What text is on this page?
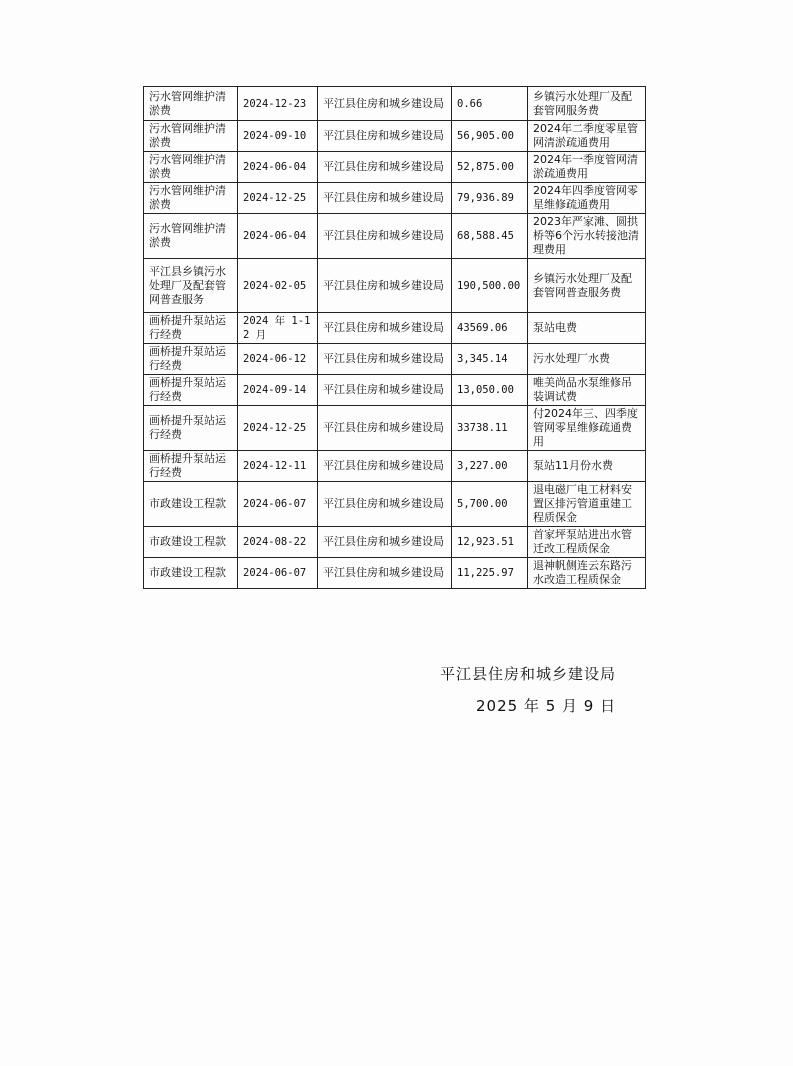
污水管网维护清淤费	2024-12-23	平江县住房和城乡建设局	0.66	乡镇污水处理厂及配套管网服务费
污水管网维护清淤费	2024-09-10	平江县住房和城乡建设局	56,905.00	2024年二季度零星管网清淤疏通费用
污水管网维护清淤费	2024-06-04	平江县住房和城乡建设局	52,875.00	2024年一季度管网清淤疏通费用
污水管网维护清淤费	2024-12-25	平江县住房和城乡建设局	79,936.89	2024年四季度管网零星维修疏通费用
污水管网维护清淤费	2024-06-04	平江县住房和城乡建设局	68,588.45	2023年严家滩、圆拱桥等6个污水转接池清理费用
平江县乡镇污水处理厂及配套管网普查服务	2024-02-05	平江县住房和城乡建设局	190,500.00	乡镇污水处理厂及配套管网普查服务费
画桥提升泵站运行经费	2024 年 1-12 月	平江县住房和城乡建设局	43569.06	泵站电费
画桥提升泵站运行经费	2024-06-12	平江县住房和城乡建设局	3,345.14	污水处理厂水费
画桥提升泵站运行经费	2024-09-14	平江县住房和城乡建设局	13,050.00	唯美尚品水泵维修吊装调试费
画桥提升泵站运行经费	2024-12-25	平江县住房和城乡建设局	33738.11	付2024年三、四季度管网零星维修疏通费用
画桥提升泵站运行经费	2024-12-11	平江县住房和城乡建设局	3,227.00	泵站11月份水费
市政建设工程款	2024-06-07	平江县住房和城乡建设局	5,700.00	退电磁厂电工材料安置区排污管道重建工程质保金
市政建设工程款	2024-08-22	平江县住房和城乡建设局	12,923.51	首家坪泵站进出水管迁改工程质保金
市政建设工程款	2024-06-07	平江县住房和城乡建设局	11,225.97	退神帆侧连云东路污水改造工程质保金
平江县住房和城乡建设局
2025 年 5 月 9 日
